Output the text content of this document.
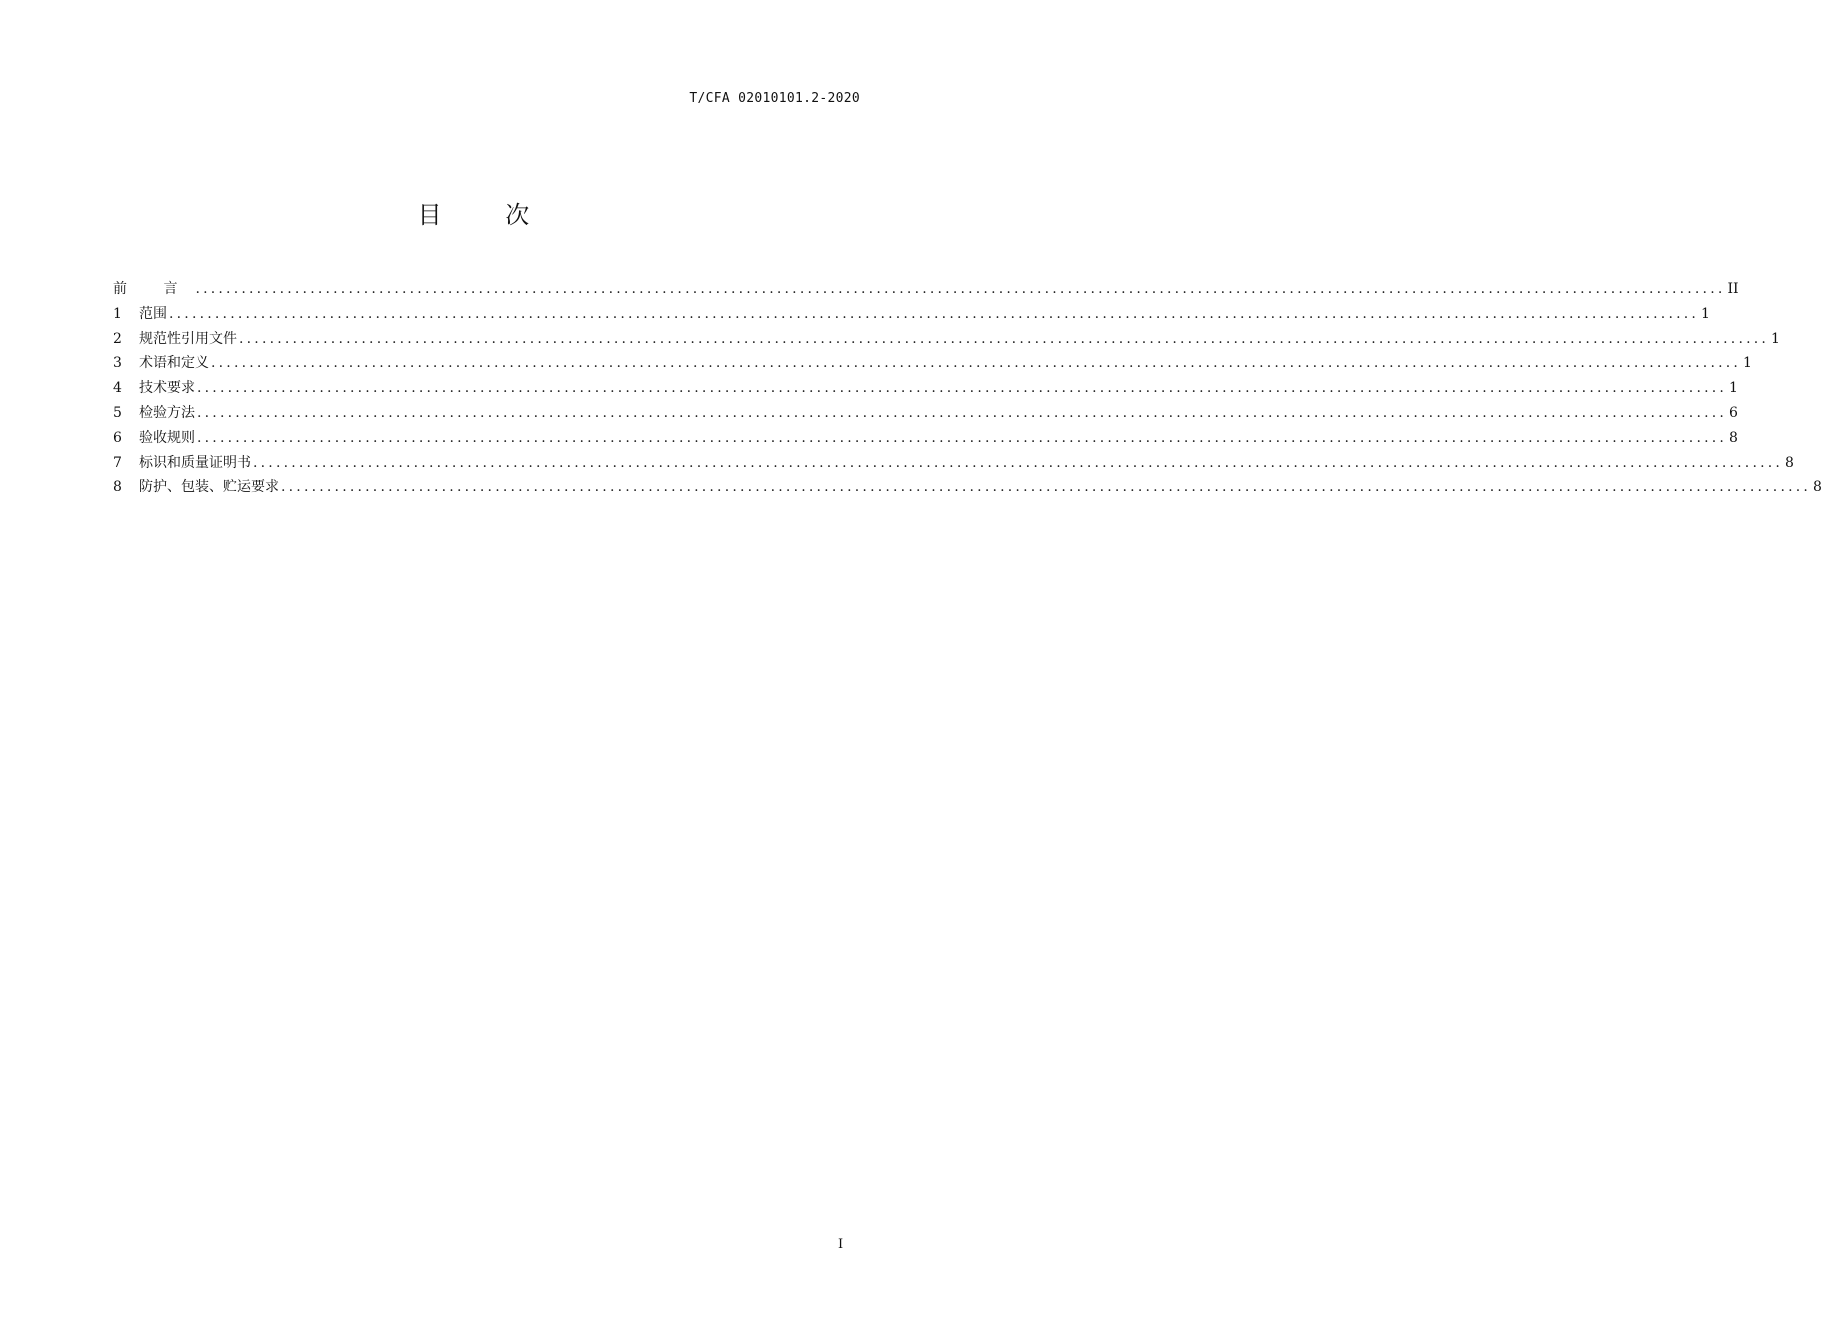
T/CFA 02010101.2-2020
目 次
前 言 ........................................................................................................................................................................................................ II
1	范围 ........................................................................................................................................................................................................ 1
2	规范性引用文件 ........................................................................................................................................................................................................ 1
3	术语和定义 ........................................................................................................................................................................................................ 1
4	技术要求 ........................................................................................................................................................................................................ 1
5	检验方法 ........................................................................................................................................................................................................ 6
6	验收规则 ........................................................................................................................................................................................................ 8
7	标识和质量证明书 ........................................................................................................................................................................................................ 8
8	防护、包装、贮运要求 ........................................................................................................................................................................................................ 8
I
